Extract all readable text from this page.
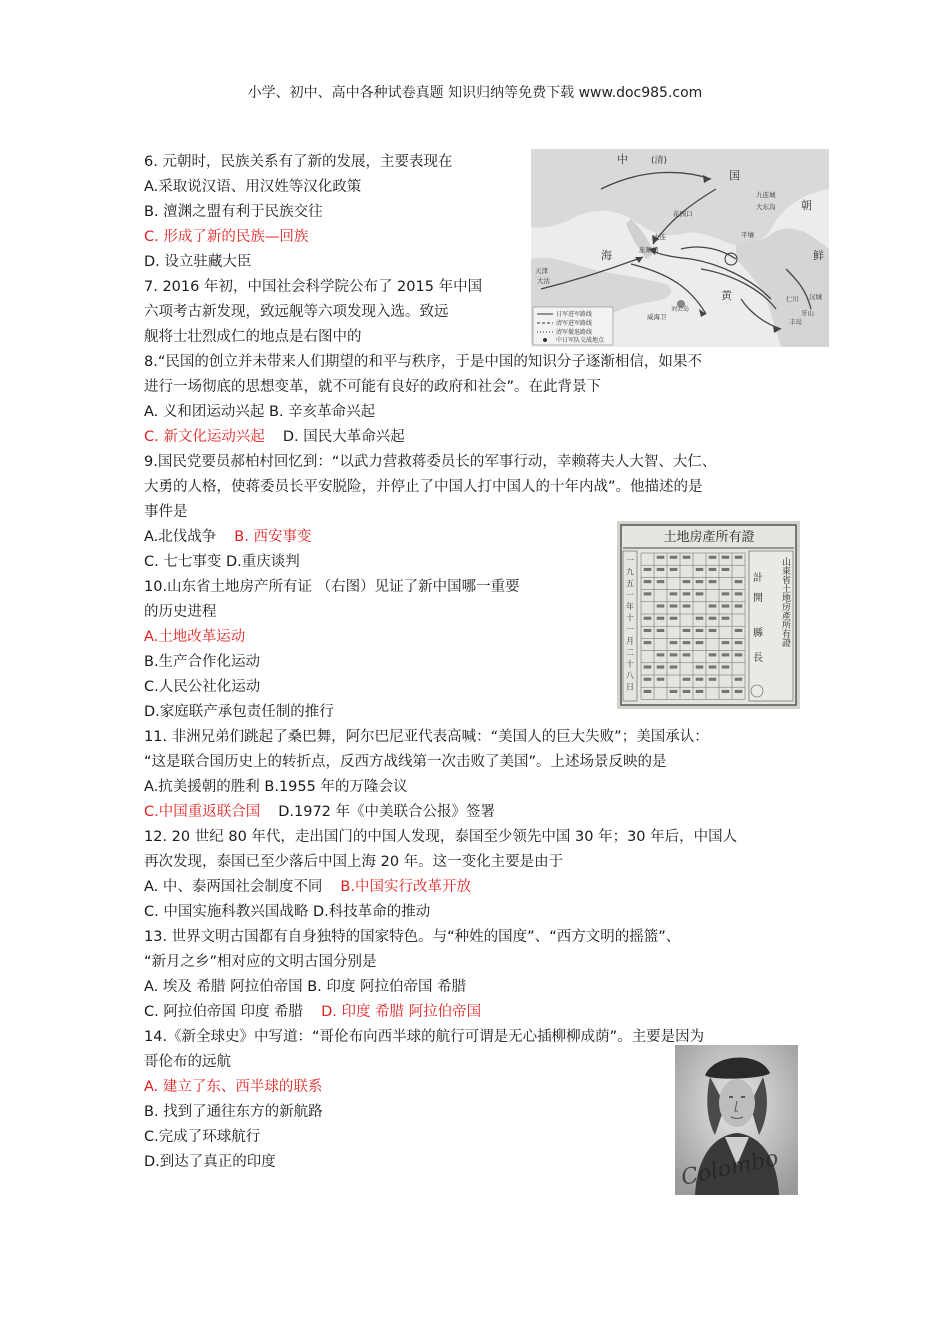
小学、初中、高中各种试卷真题 知识归纳等免费下载 www.doc985.com
6. 元朝时，民族关系有了新的发展，主要表现在
A.采取说汉语、用汉姓等汉化政策
B. 澶渊之盟有利于民族交往
C. 形成了新的民族—回族
D. 设立驻藏大臣
7. 2016 年初，中国社会科学院公布了 2015 年中国
六项考古新发现，致远舰等六项发现入选。致远
舰将士壮烈成仁的地点是右图中的
8.“民国的创立并未带来人们期望的和平与秩序，于是中国的知识分子逐渐相信，如果不
进行一场彻底的思想变革，就不可能有良好的政府和社会”。在此背景下
A. 义和团运动兴起 B. 辛亥革命兴起
C. 新文化运动兴起 D. 国民大革命兴起
9.国民党要员郝柏村回忆到：“以武力营救蒋委员长的军事行动，幸赖蒋夫人大智、大仁、
大勇的人格，使蒋委员长平安脱险，并停止了中国人打中国人的十年内战”。他描述的是
事件是
A.北伐战争 B. 西安事变
C. 七七事变 D.重庆谈判
10.山东省土地房产所有证 （右图）见证了新中国哪一重要
的历史进程
A.土地改革运动
B.生产合作化运动
C.人民公社化运动
D.家庭联产承包责任制的推行
11. 非洲兄弟们跳起了桑巴舞，阿尔巴尼亚代表高喊：“美国人的巨大失败”；美国承认：
“这是联合国历史上的转折点，反西方战线第一次击败了美国”。上述场景反映的是
A.抗美援朝的胜利 B.1955 年的万隆会议
C.中国重返联合国 D.1972 年《中美联合公报》签署
12. 20 世纪 80 年代，走出国门的中国人发现，泰国至少领先中国 30 年；30 年后，中国人
再次发现，泰国已至少落后中国上海 20 年。这一变化主要是由于
A. 中、泰两国社会制度不同 B.中国实行改革开放
C. 中国实施科教兴国战略 D.科技革命的推动
13. 世界文明古国都有自身独特的国家特色。与“种姓的国度”、“西方文明的摇篮”、
“新月之乡”相对应的文明古国分别是
A. 埃及 希腊 阿拉伯帝国 B. 印度 阿拉伯帝国 希腊
C. 阿拉伯帝国 印度 希腊 D. 印度 希腊 阿拉伯帝国
14.《新全球史》中写道：“哥伦布向西半球的航行可谓是无心插柳柳成荫”。主要是因为
哥伦布的远航
A. 建立了东、西半球的联系
B. 找到了通往东方的新航路
C.完成了环球航行
D.到达了真正的印度
日军进军路线
清军进军路线
清军撤退路线
中日军队交战地点
中	(清)
国
九连城
大东沟
花园口
大连
旅顺口
平壤
朝
鲜
天津
大沽
威海卫
刘公岛
仁川 汉城
牙山
丰岛
黄
海
土地房產所有證
一
九
五
一
年
十
一
月
二
十
八
日
山東省土地房產所有證
計
開
縣
長
Colombo
